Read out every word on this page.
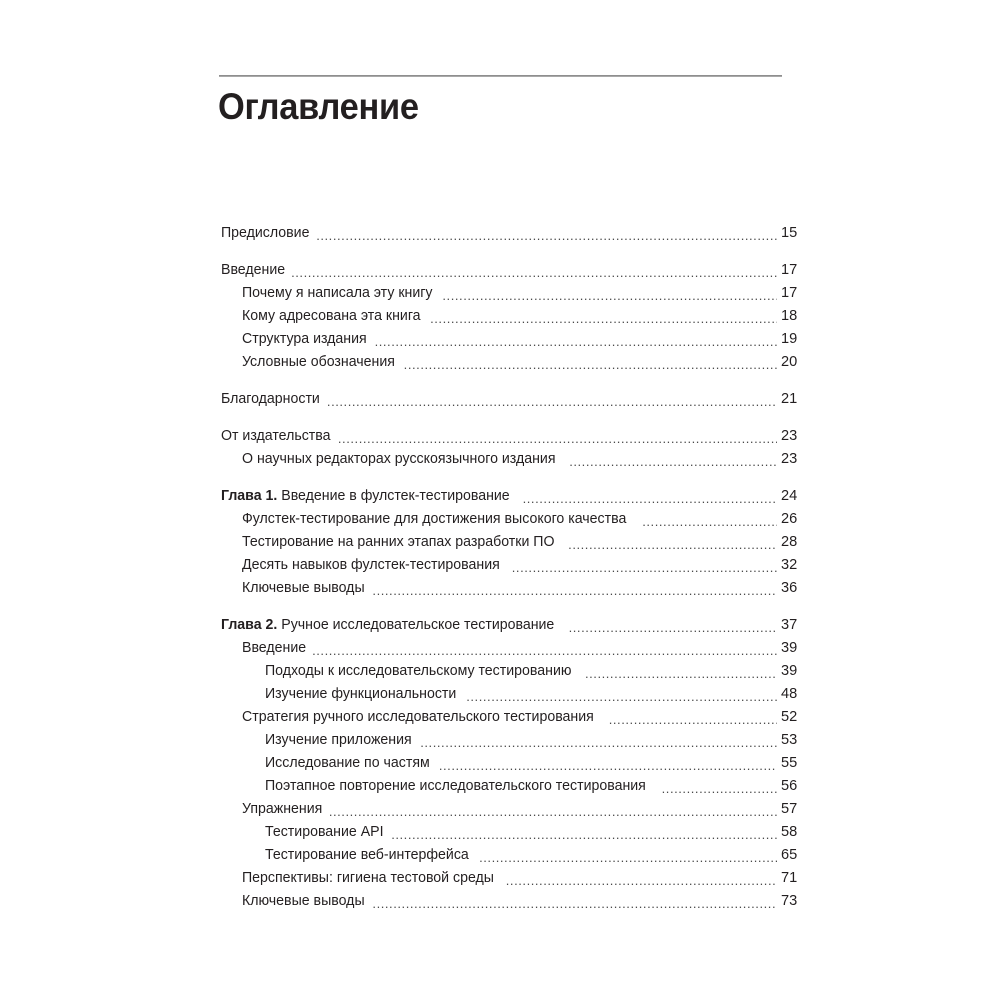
Оглавление
Предисловие .....	15
Введение .....	17
Почему я написала эту книгу .....	17
Кому адресована эта книга .....	18
Структура издания .....	19
Условные обозначения .....	20
Благодарности .....	21
От издательства .....	23
О научных редакторах русскоязычного издания .....	23
Глава 1. Введение в фулстек-тестирование .....	24
Фулстек-тестирование для достижения высокого качества .....	26
Тестирование на ранних этапах разработки ПО .....	28
Десять навыков фулстек-тестирования .....	32
Ключевые выводы .....	36
Глава 2. Ручное исследовательское тестирование .....	37
Введение .....	39
Подходы к исследовательскому тестированию .....	39
Изучение функциональности .....	48
Стратегия ручного исследовательского тестирования .....	52
Изучение приложения .....	53
Исследование по частям .....	55
Поэтапное повторение исследовательского тестирования .....	56
Упражнения .....	57
Тестирование API .....	58
Тестирование веб-интерфейса .....	65
Перспективы: гигиена тестовой среды .....	71
Ключевые выводы .....	73
